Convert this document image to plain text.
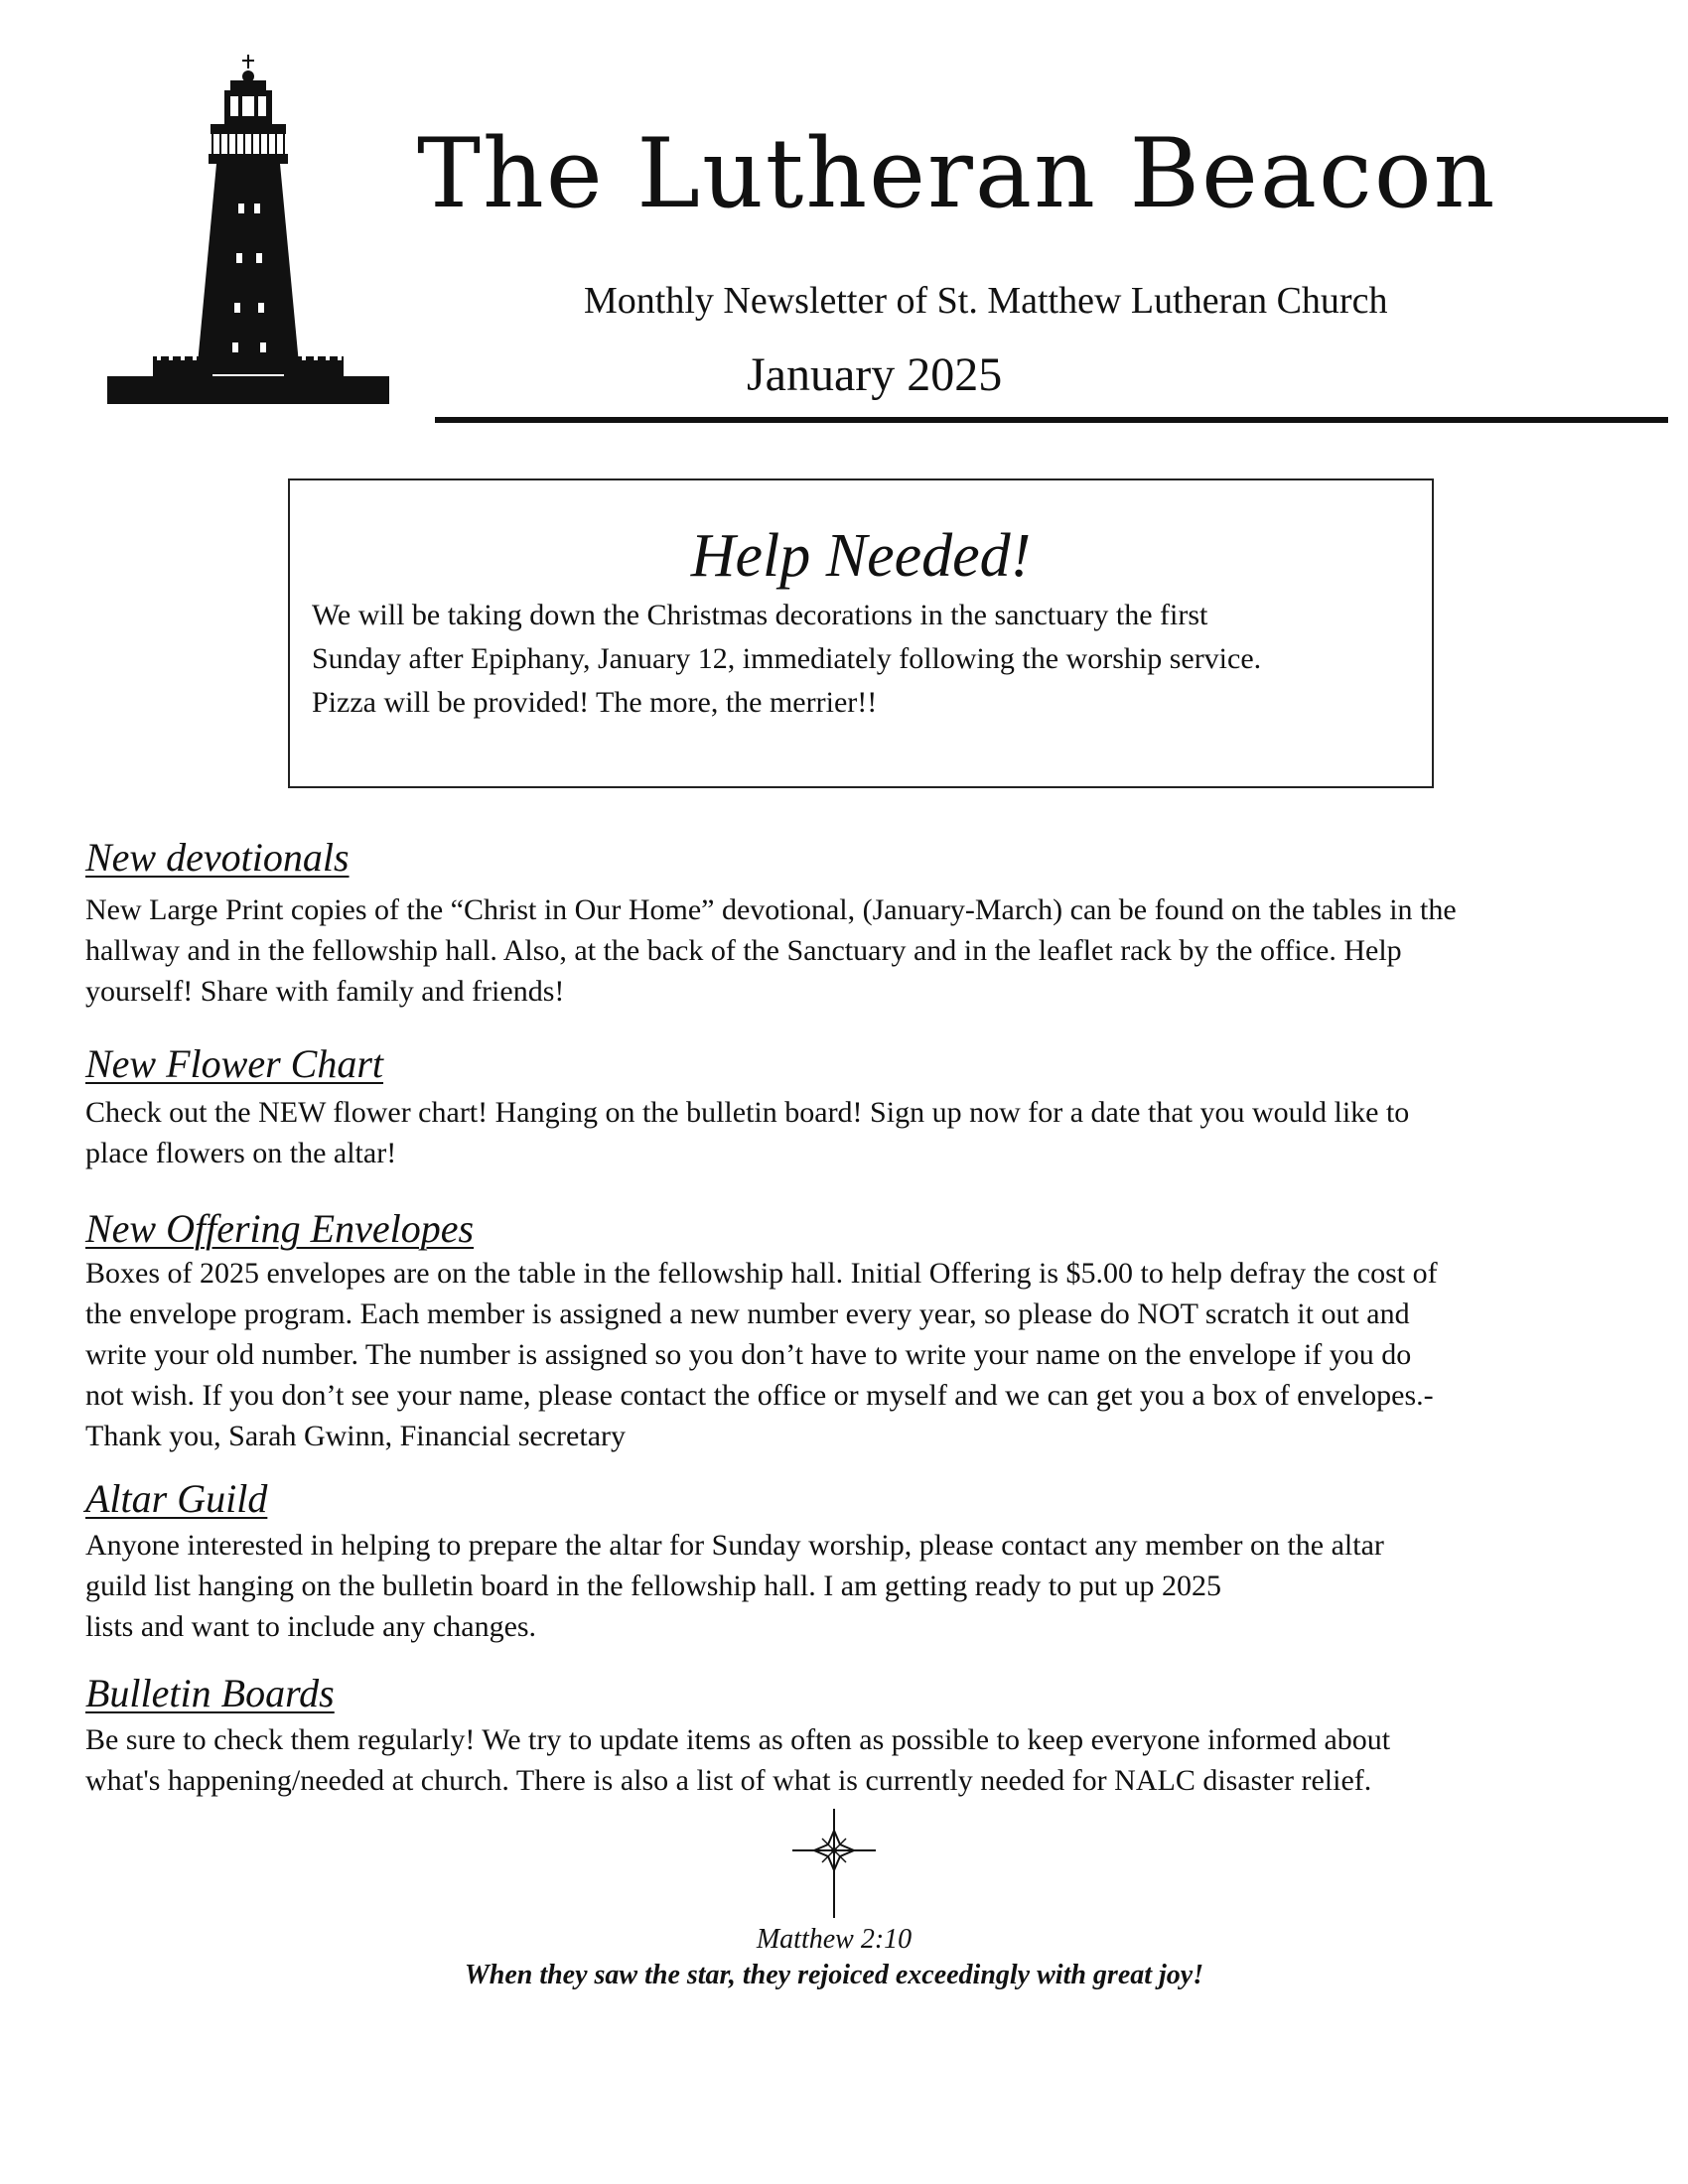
The Lutheran Beacon
Monthly Newsletter of St. Matthew Lutheran Church
January 2025
Help Needed!
We will be taking down the Christmas decorations in the sanctuary the first
Sunday after Epiphany, January 12, immediately following the worship service.
Pizza will be provided! The more, the merrier!!
New devotionals
New Large Print copies of the “Christ in Our Home” devotional, (January-March) can be found on the tables in the
hallway and in the fellowship hall. Also, at the back of the Sanctuary and in the leaflet rack by the office. Help
yourself! Share with family and friends!
New Flower Chart
Check out the NEW flower chart! Hanging on the bulletin board! Sign up now for a date that you would like to
place flowers on the altar!
New Offering Envelopes
Boxes of 2025 envelopes are on the table in the fellowship hall. Initial Offering is $5.00 to help defray the cost of
the envelope program. Each member is assigned a new number every year, so please do NOT scratch it out and
write your old number. The number is assigned so you don’t have to write your name on the envelope if you do
not wish. If you don’t see your name, please contact the office or myself and we can get you a box of envelopes.-
Thank you, Sarah Gwinn, Financial secretary
Altar Guild
Anyone interested in helping to prepare the altar for Sunday worship, please contact any member on the altar
guild list hanging on the bulletin board in the fellowship hall. I am getting ready to put up 2025
lists and want to include any changes.
Bulletin Boards
Be sure to check them regularly! We try to update items as often as possible to keep everyone informed about
what's happening/needed at church. There is also a list of what is currently needed for NALC disaster relief.
Matthew 2:10
When they saw the star, they rejoiced exceedingly with great joy!
